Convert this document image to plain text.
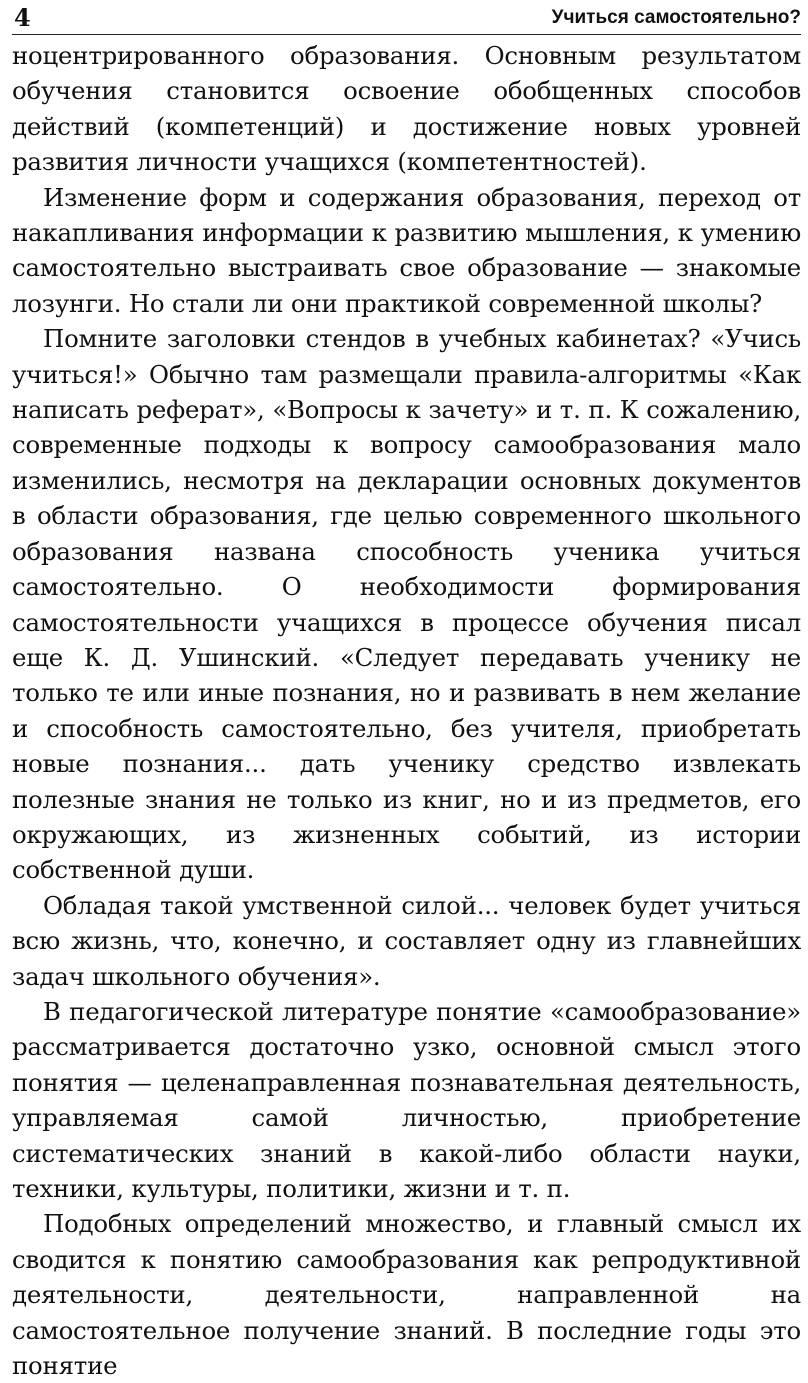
4	Учиться самостоятельно?

ноцентрированного образования. Основным результатом обучения становится освоение обобщенных способов действий (компетенций) и достижение новых уровней развития личности учащихся (компетентностей).

Изменение форм и содержания образования, переход от накапливания информации к развитию мышления, к умению самостоятельно выстраивать свое образование — знакомые лозунги. Но стали ли они практикой современной школы?

Помните заголовки стендов в учебных кабинетах? «Учись учиться!» Обычно там размещали правила-алгоритмы «Как написать реферат», «Вопросы к зачету» и т. п. К сожалению, современные подходы к вопросу самообразования мало изменились, несмотря на декларации основных документов в области образования, где целью современного школьного образования названа способность ученика учиться самостоятельно. О необходимости формирования самостоятельности учащихся в процессе обучения писал еще К. Д. Ушинский. «Следует передавать ученику не только те или иные познания, но и развивать в нем желание и способность самостоятельно, без учителя, приобретать новые познания... дать ученику средство извлекать полезные знания не только из книг, но и из предметов, его окружающих, из жизненных событий, из истории собственной души.

Обладая такой умственной силой... человек будет учиться всю жизнь, что, конечно, и составляет одну из главнейших задач школьного обучения».

В педагогической литературе понятие «самообразование» рассматривается достаточно узко, основной смысл этого понятия — целенаправленная познавательная деятельность, управляемая самой личностью, приобретение систематических знаний в какой-либо области науки, техники, культуры, политики, жизни и т. п.

Подобных определений множество, и главный смысл их сводится к понятию самообразования как репродуктивной деятельности, деятельности, направленной на самостоятельное получение знаний. В последние годы это понятие
